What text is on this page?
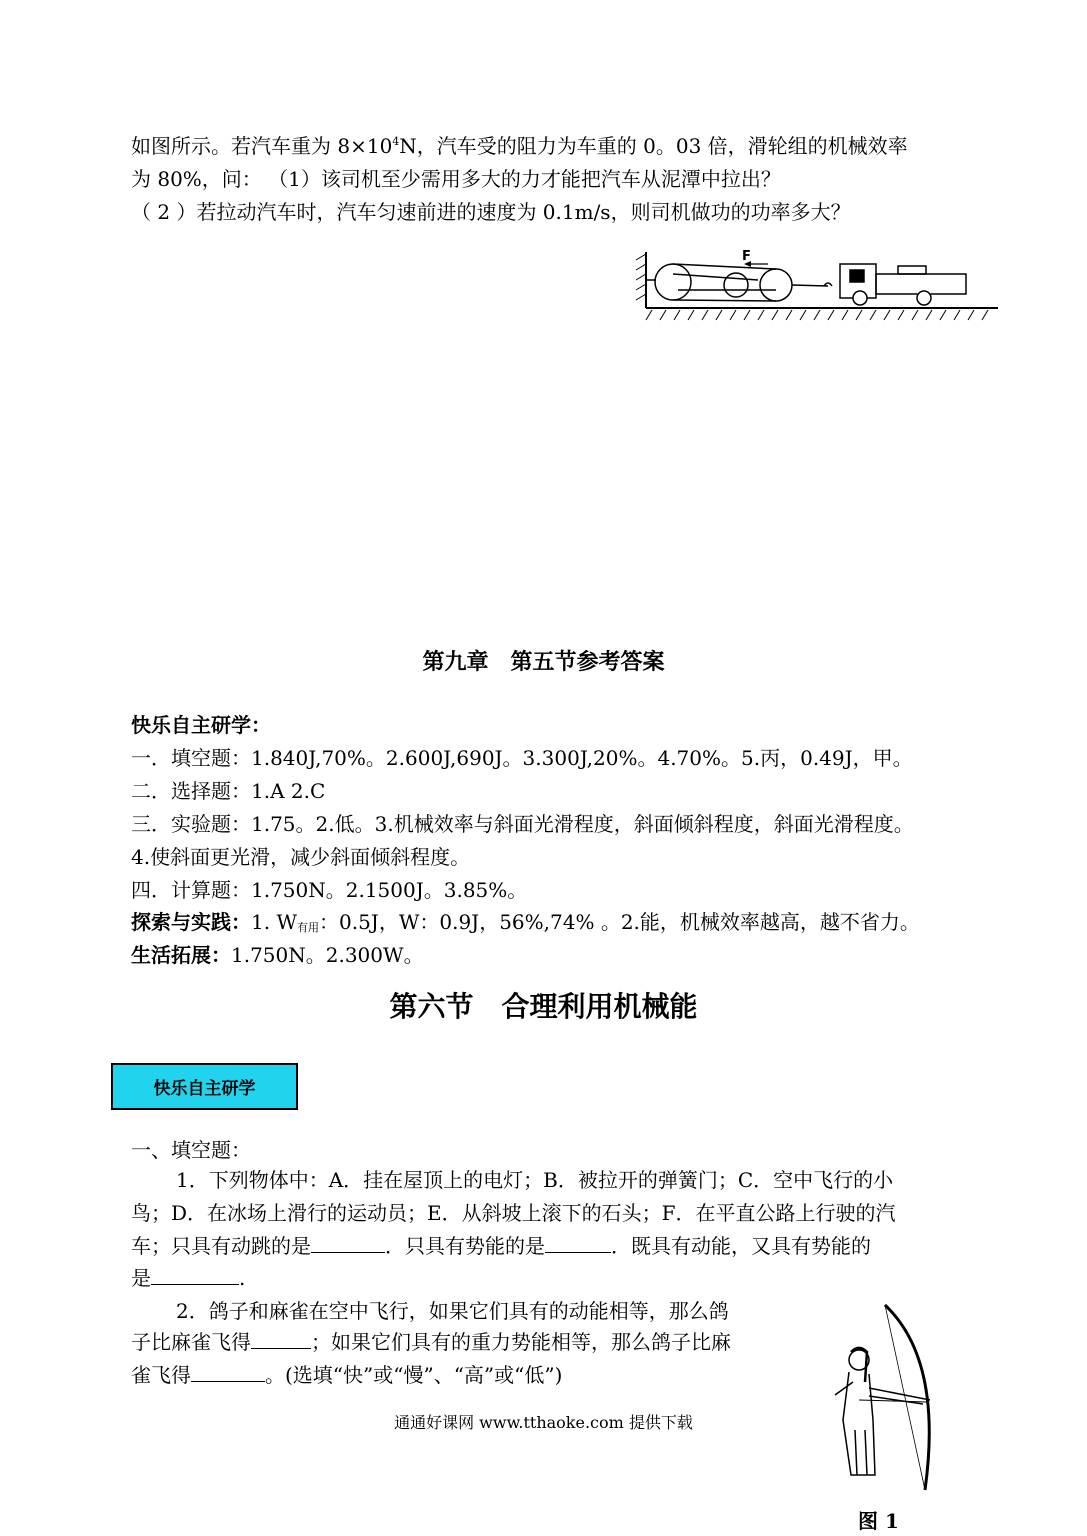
如图所示。若汽车重为 $8\times 10^4N$，汽车受的阻力为车重的 0。03 倍，滑轮组的机械效率
为 80%，问： （1）该司机至少需用多大的力才能把汽车从泥潭中拉出？
（ 2 ）若拉动汽车时，汽车匀速前进的速度为 0.1m/s，则司机做功的功率多大？
F
第九章　第五节参考答案
快乐自主研学：
一．填空题：1.840J,70%。2.600J,690J。3.300J,20%。4.70%。5.丙，0.49J，甲。
二．选择题：1.A 2.C
三．实验题：1.75。2.低。3.机械效率与斜面光滑程度，斜面倾斜程度，斜面光滑程度。
4.使斜面更光滑，减少斜面倾斜程度。
四．计算题：1.750N。2.1500J。3.85%。
探索与实践：1. W有用：0.5J，W：0.9J，56%,74% 。2.能，机械效率越高，越不省力。
生活拓展：1.750N。2.300W。
第六节　合理利用机械能
快乐自主研学
一、填空题：
1．下列物体中：A．挂在屋顶上的电灯；B．被拉开的弹簧门；C．空中飞行的小
鸟；D．在冰场上滑行的运动员；E．从斜坡上滚下的石头；F．在平直公路上行驶的汽
车；只具有动跳的是	．只具有势能的是	．既具有动能，又具有势能的
是	.
2．鸽子和麻雀在空中飞行，如果它们具有的动能相等，那么鸽
子比麻雀飞得	；如果它们具有的重力势能相等，那么鸽子比麻
雀飞得	。(选填“快”或“慢”、“高”或“低”)
通通好课网 www.tthaoke.com 提供下载
图 1
